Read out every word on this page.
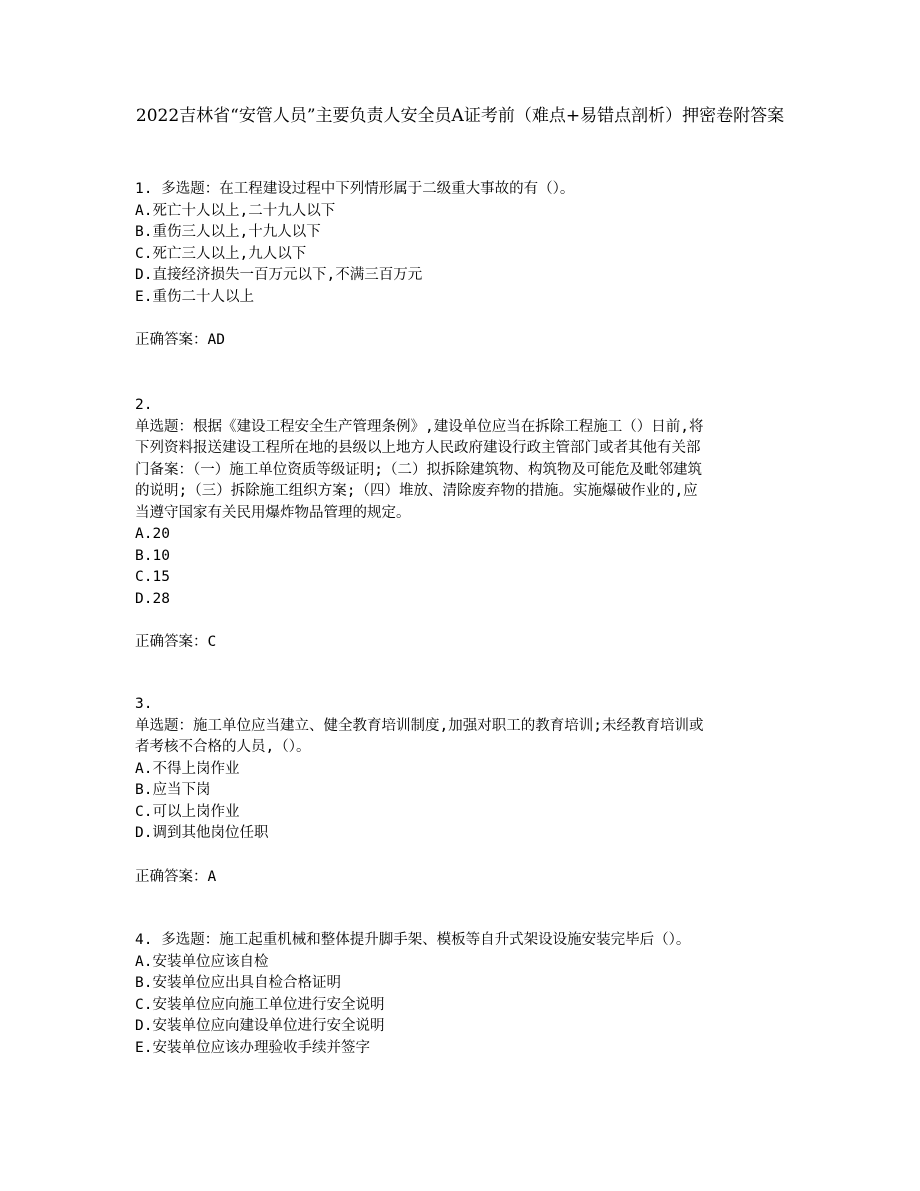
2022吉林省“安管人员”主要负责人安全员A证考前（难点+易错点剖析）押密卷附答案
1. 多选题：在工程建设过程中下列情形属于二级重大事故的有（）。
A.死亡十人以上,二十九人以下
B.重伤三人以上,十九人以下
C.死亡三人以上,九人以下
D.直接经济损失一百万元以下,不满三百万元
E.重伤二十人以上
正确答案：AD
2.
单选题：根据《建设工程安全生产管理条例》,建设单位应当在拆除工程施工（）日前,将
下列资料报送建设工程所在地的县级以上地方人民政府建设行政主管部门或者其他有关部
门备案：（一）施工单位资质等级证明;（二）拟拆除建筑物、构筑物及可能危及毗邻建筑
的说明;（三）拆除施工组织方案;（四）堆放、清除废弃物的措施。实施爆破作业的,应
当遵守国家有关民用爆炸物品管理的规定。
A.20
B.10
C.15
D.28
正确答案：C
3.
单选题：施工单位应当建立、健全教育培训制度,加强对职工的教育培训;未经教育培训或
者考核不合格的人员,（）。
A.不得上岗作业
B.应当下岗
C.可以上岗作业
D.调到其他岗位任职
正确答案：A
4. 多选题：施工起重机械和整体提升脚手架、模板等自升式架设设施安装完毕后（）。
A.安装单位应该自检
B.安装单位应出具自检合格证明
C.安装单位应向施工单位进行安全说明
D.安装单位应向建设单位进行安全说明
E.安装单位应该办理验收手续并签字
